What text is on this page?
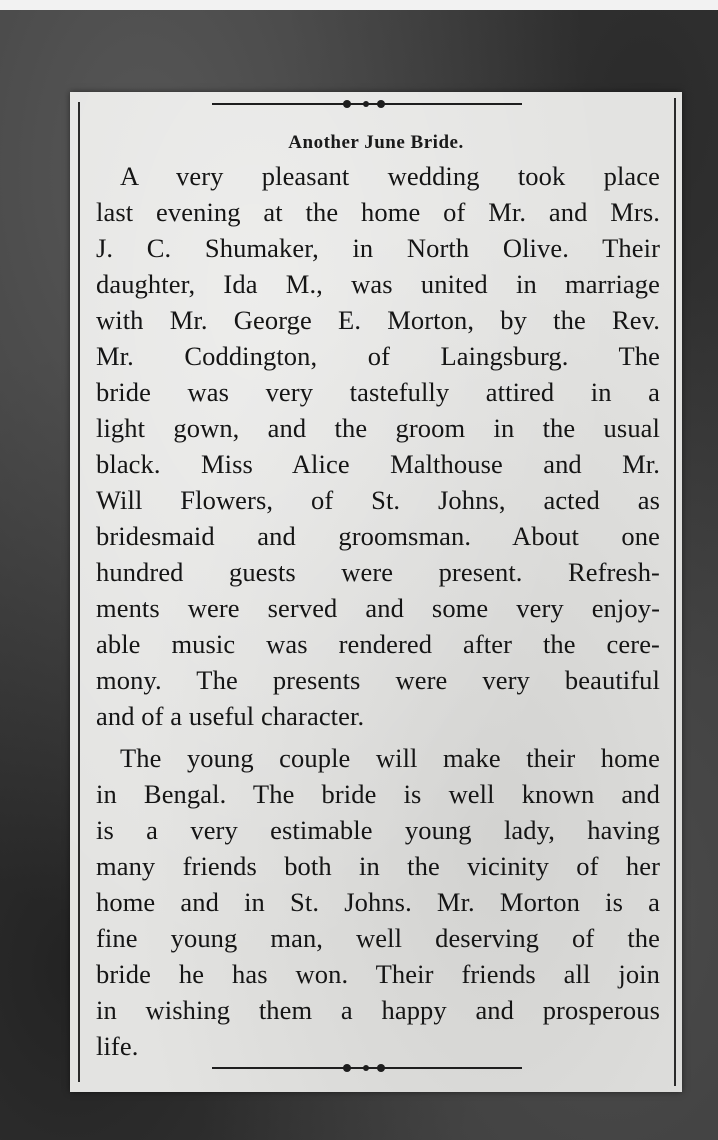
Another June Bride.
A very pleasant wedding took place
last evening at the home of Mr. and Mrs.
J. C. Shumaker, in North Olive. Their
daughter, Ida M., was united in marriage
with Mr. George E. Morton, by the Rev.
Mr. Coddington, of Laingsburg. The
bride was very tastefully attired in a
light gown, and the groom in the usual
black. Miss Alice Malthouse and Mr.
Will Flowers, of St. Johns, acted as
bridesmaid and groomsman. About one
hundred guests were present. Refresh-
ments were served and some very enjoy-
able music was rendered after the cere-
mony. The presents were very beautiful
and of a useful character.
The young couple will make their home
in Bengal. The bride is well known and
is a very estimable young lady, having
many friends both in the vicinity of her
home and in St. Johns. Mr. Morton is a
fine young man, well deserving of the
bride he has won. Their friends all join
in wishing them a happy and prosperous
life.
